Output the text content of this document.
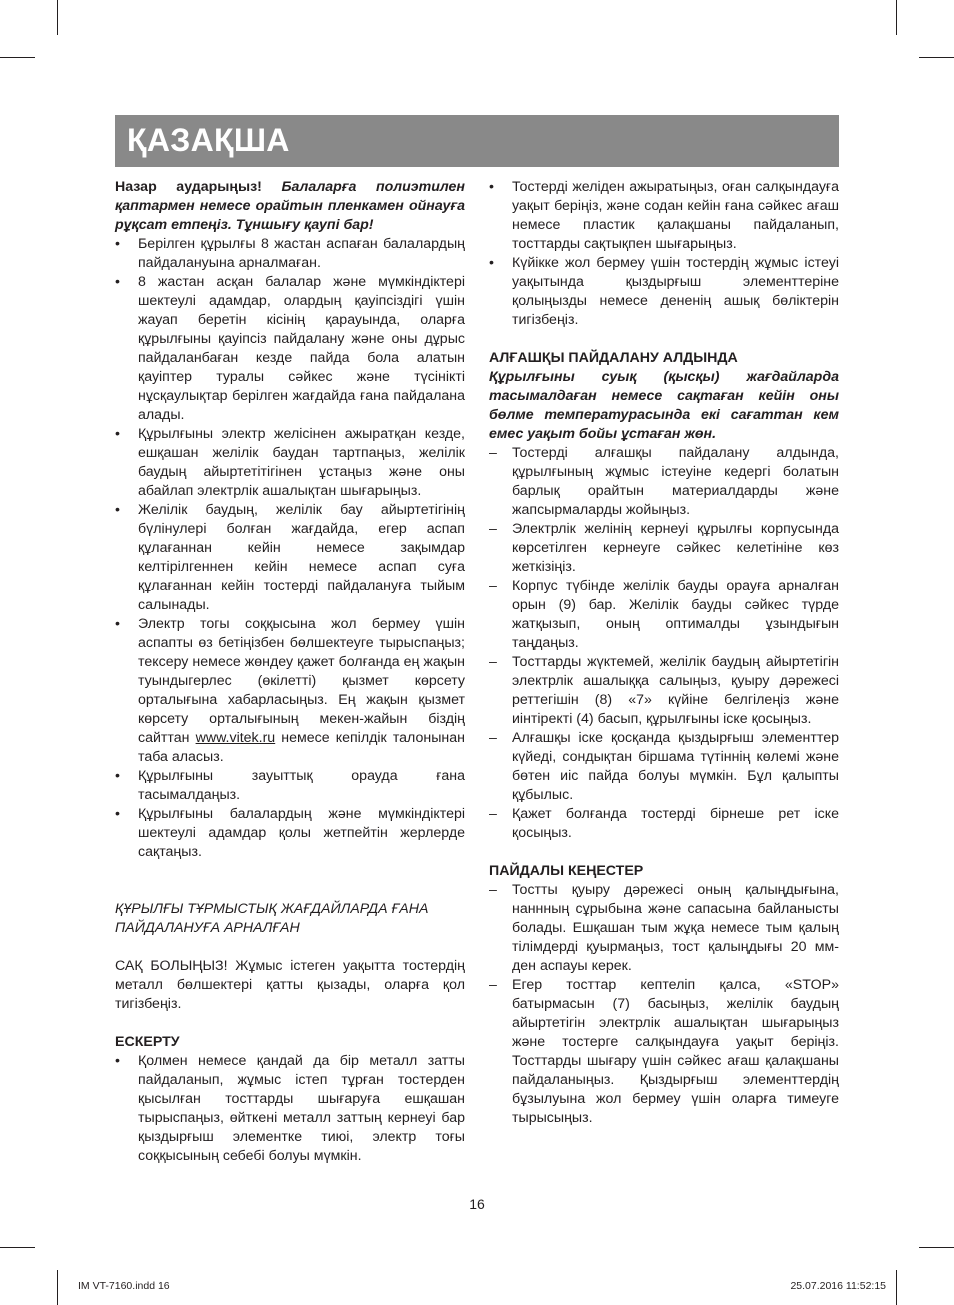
ҚАЗАҚША

Назар аударыңыз! Балаларға полиэтилен қаптармен немесе орайтын пленкамен ойнауға рұқсат етпеңіз. Тұншығу қаупі бар!

• Берілген құрылғы 8 жастан аспаған балалардың пайдалануына арналмаған.
• 8 жастан асқан балалар және мүмкіндіктері шектеулі адамдар, олардың қауіпсіздігі үшін жауап беретін кісінің қарауында, оларға құрылғыны қауіпсіз пайдалану және оны дұрыс пайдаланбаған кезде пайда бола алатын қауіптер туралы сәйкес және түсінікті нұсқаулықтар берілген жағдайда ғана пайдалана алады.
• Құрылғыны электр желісінен ажыратқан кезде, ешқашан желілік баудан тартпаңыз, желілік баудың айыртетітігінен ұстаңыз және оны абайлап электрлік ашалықтан шығарыңыз.
• Желілік баудың, желілік бау айыртетігінің бүлінулері болған жағдайда, егер аспап құлағаннан кейін немесе зақымдар келтірілгеннен кейін немесе аспап суға құлағаннан кейін тостерді пайдалануға тыйым салынады.
• Электр тогы соққысына жол бермеу үшін аспапты өз бетіңізбен бөлшектеуге тырыспаңыз; тексеру немесе жөндеу қажет болғанда ең жақын туындыгерлес (өкілетті) қызмет көрсету орталығына хабарласыңыз. Ең жақын қызмет көрсету орталығының мекен-жайын біздің сайттан www.vitek.ru немесе кепілдік талонынан таба аласыз.
• Құрылғыны зауыттық орауда ғана тасымалдаңыз.
• Құрылғыны балалардың және мүмкіндіктері шектеулі адамдар қолы жетпейтін жерлерде сақтаңыз.

ҚҰРЫЛҒЫ ТҰРМЫСТЫҚ ЖАҒДАЙЛАРДА ҒАНА ПАЙДАЛАНУҒА АРНАЛҒАН

САҚ БОЛЫҢЫЗ! Жұмыс істеген уақытта тостердің металл бөлшектері қатты қызады, оларға қол тигізбеңіз.

ЕСКЕРТУ

• Қолмен немесе қандай да бір металл затты пайдаланып, жұмыс істеп тұрған тостерден қысылған тосттарды шығаруға ешқашан тырыспаңыз, өйткені металл заттың кернеуі бар қыздырғыш элементке тиюі, электр тоғы соққысының себебі болуы мүмкін.
• Тостерді желіден ажыратыңыз, оған салқындауға уақыт беріңіз, және содан кейін ғана сәйкес ағаш немесе пластик қалақшаны пайдаланып, тосттарды сақтықпен шығарыңыз.
• Күйікке жол бермеу үшін тостердің жұмыс істеуі уақытында қыздырғыш элементтеріне қолыңызды немесе дененің ашық бөліктерін тигізбеңіз.

АЛҒАШҚЫ ПАЙДАЛАНУ АЛДЫНДА

Құрылғыны суық (қысқы) жағдайларда тасымалдаған немесе сақтаған кейін оны бөлме температурасында екі сағаттан кем емес уақыт бойы ұстаған жөн.

– Тостерді алғашқы пайдалану алдында, құрылғының жұмыс істеуіне кедергі болатын барлық орайтын материалдарды және жапсырмаларды жойыңыз.
– Электрлік желінің кернеуі құрылғы корпусында көрсетілген кернеуге сәйкес келетініне көз жеткізіңіз.
– Корпус түбінде желілік бауды орауға арналған орын (9) бар. Желілік бауды сәйкес түрде жатқызып, оның оптималды ұзындығын таңдаңыз.
– Тосттарды жүктемей, желілік баудың айыртетігін электрлік ашалыққа салыңыз, қуыру дәрежесі реттегішін (8) «7» күйіне белгілеңіз және иінтіректі (4) басып, құрылғыны іске қосыңыз.
– Алғашқы іске қосқанда қыздырғыш элементтер күйеді, сондықтан біршама түтіннің көлемі және бөтен иіс пайда болуы мүмкін. Бұл қалыпты құбылыс.
– Қажет болғанда тостерді бірнеше рет іске қосыңыз.

ПАЙДАЛЫ КЕҢЕСТЕР

– Тостты қуыру дәрежесі оның қалыңдығына, наннның сұрыбына және сапасына байланысты болады. Ешқашан тым жұқа немесе тым қалың тілімдерді қуырмаңыз, тост қалыңдығы 20 мм-ден аспауы керек.
– Егер тосттар кептеліп қалса, «STOP» батырмасын (7) басыңыз, желілік баудың айыртетігін электрлік ашалықтан шығарыңыз және тостерге салқындауға уақыт беріңіз. Тосттарды шығару үшін сәйкес ағаш қалақшаны пайдаланыңыз. Қыздырғыш элементтердің бұзылуына жол бермеу үшін оларға тимеуге тырысыңыз.
16
IM VT-7160.indd 16	25.07.2016 11:52:15
